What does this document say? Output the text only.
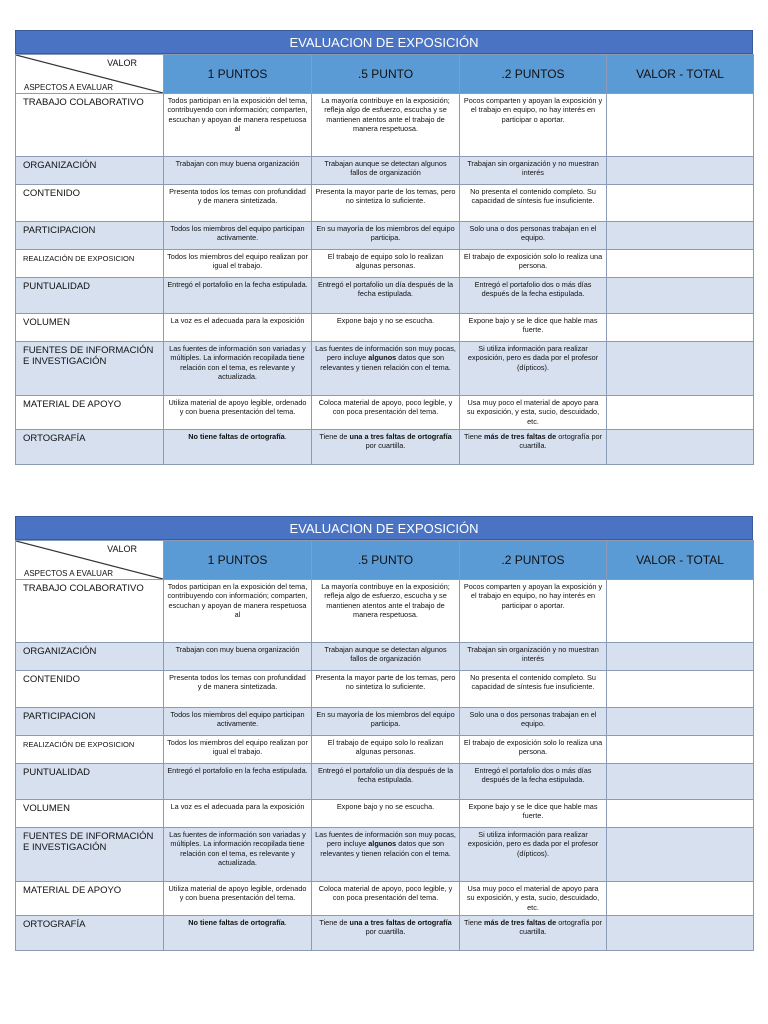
EVALUACION DE EXPOSICIÓN
VALOR
ASPECTOS A EVALUAR	1 PUNTOS	.5 PUNTO	.2 PUNTOS	VALOR - TOTAL
TRABAJO COLABORATIVO	Todos participan en la exposición del tema, contribuyendo con información; comparten, escuchan y apoyan de manera respetuosa al	La mayoría contribuye en la exposición; refleja algo de esfuerzo, escucha y se mantienen atentos ante el trabajo de manera respetuosa.	Pocos comparten y apoyan la exposición y el trabajo en equipo, no hay interés en participar o aportar.	
ORGANIZACIÓN	Trabajan con muy buena organización	Trabajan aunque se detectan algunos fallos de organización	Trabajan sin organización y no muestran interés	
CONTENIDO	Presenta todos los temas con profundidad y de manera sintetizada.	Presenta la mayor parte de los temas, pero no sintetiza lo suficiente.	No presenta el contenido completo. Su capacidad de síntesis fue insuficiente.	
PARTICIPACION	Todos los miembros del equipo participan activamente.	En su mayoría de los miembros del equipo participa.	Solo una o dos personas trabajan en el equipo.	
REALIZACIÓN DE EXPOSICION	Todos los miembros del equipo realizan por igual el trabajo.	El trabajo de equipo solo lo realizan algunas personas.	El trabajo de exposición solo lo realiza una persona.	
PUNTUALIDAD	Entregó el portafolio en la fecha estipulada.	Entregó el portafolio un día después de la fecha estipulada.	Entregó el portafolio dos o más días después de la fecha estipulada.	
VOLUMEN	La voz es el adecuada para la exposición	Expone bajo y no se escucha.	Expone bajo y se le dice que hable mas fuerte.	
FUENTES DE INFORMACIÓN E INVESTIGACIÓN	Las fuentes de información son variadas y múltiples. La información recopilada tiene relación con el tema, es relevante y actualizada.	Las fuentes de información son muy pocas, pero incluye algunos datos que son relevantes y tienen relación con el tema.	Si utiliza información para realizar exposición, pero es dada por el profesor (dípticos).	
MATERIAL DE APOYO	Utiliza material de apoyo legible, ordenado y con buena presentación del tema.	Coloca material de apoyo, poco legible, y con poca presentación del tema.	Usa muy poco el material de apoyo para su exposición, y esta, sucio, descuidado, etc.	
ORTOGRAFÍA	No tiene faltas de ortografía.	Tiene de una a tres faltas de ortografía por cuartilla.	Tiene más de tres faltas de ortografía por cuartilla.	
EVALUACION DE EXPOSICIÓN
VALOR
ASPECTOS A EVALUAR	1 PUNTOS	.5 PUNTO	.2 PUNTOS	VALOR - TOTAL
TRABAJO COLABORATIVO	Todos participan en la exposición del tema, contribuyendo con información; comparten, escuchan y apoyan de manera respetuosa al	La mayoría contribuye en la exposición; refleja algo de esfuerzo, escucha y se mantienen atentos ante el trabajo de manera respetuosa.	Pocos comparten y apoyan la exposición y el trabajo en equipo, no hay interés en participar o aportar.	
ORGANIZACIÓN	Trabajan con muy buena organización	Trabajan aunque se detectan algunos fallos de organización	Trabajan sin organización y no muestran interés	
CONTENIDO	Presenta todos los temas con profundidad y de manera sintetizada.	Presenta la mayor parte de los temas, pero no sintetiza lo suficiente.	No presenta el contenido completo. Su capacidad de síntesis fue insuficiente.	
PARTICIPACION	Todos los miembros del equipo participan activamente.	En su mayoría de los miembros del equipo participa.	Solo una o dos personas trabajan en el equipo.	
REALIZACIÓN DE EXPOSICION	Todos los miembros del equipo realizan por igual el trabajo.	El trabajo de equipo solo lo realizan algunas personas.	El trabajo de exposición solo lo realiza una persona.	
PUNTUALIDAD	Entregó el portafolio en la fecha estipulada.	Entregó el portafolio un día después de la fecha estipulada.	Entregó el portafolio dos o más días después de la fecha estipulada.	
VOLUMEN	La voz es el adecuada para la exposición	Expone bajo y no se escucha.	Expone bajo y se le dice que hable mas fuerte.	
FUENTES DE INFORMACIÓN E INVESTIGACIÓN	Las fuentes de información son variadas y múltiples. La información recopilada tiene relación con el tema, es relevante y actualizada.	Las fuentes de información son muy pocas, pero incluye algunos datos que son relevantes y tienen relación con el tema.	Si utiliza información para realizar exposición, pero es dada por el profesor (dípticos).	
MATERIAL DE APOYO	Utiliza material de apoyo legible, ordenado y con buena presentación del tema.	Coloca material de apoyo, poco legible, y con poca presentación del tema.	Usa muy poco el material de apoyo para su exposición, y esta, sucio, descuidado, etc.	
ORTOGRAFÍA	No tiene faltas de ortografía.	Tiene de una a tres faltas de ortografía por cuartilla.	Tiene más de tres faltas de ortografía por cuartilla.	
